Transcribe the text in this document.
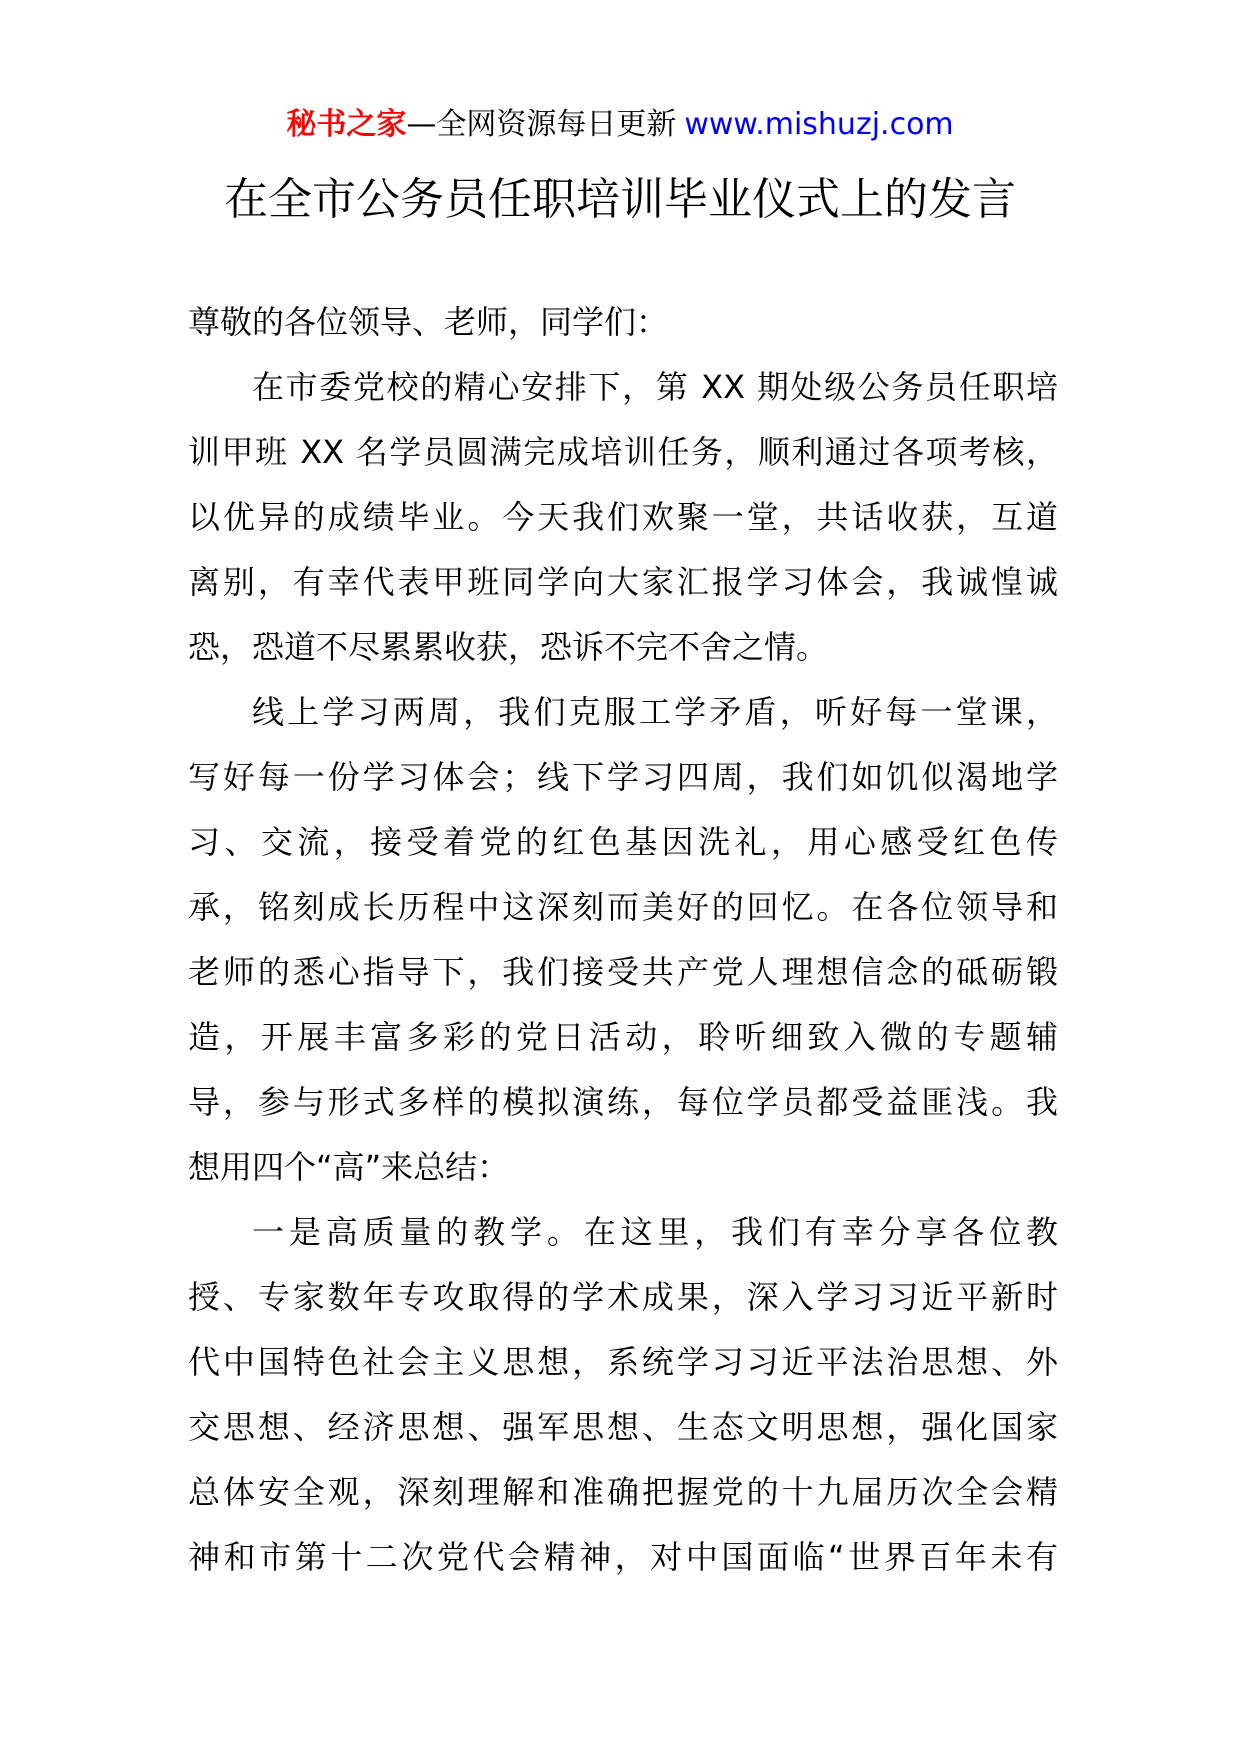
秘书之家—全网资源每日更新 www.mishuzj.com
在全市公务员任职培训毕业仪式上的发言
尊敬的各位领导、老师，同学们：
在市委党校的精心安排下，第 XX 期处级公务员任职培
训甲班 XX 名学员圆满完成培训任务，顺利通过各项考核，
以优异的成绩毕业。今天我们欢聚一堂，共话收获，互道
离别，有幸代表甲班同学向大家汇报学习体会，我诚惶诚
恐，恐道不尽累累收获，恐诉不完不舍之情。
线上学习两周，我们克服工学矛盾，听好每一堂课，
写好每一份学习体会；线下学习四周，我们如饥似渴地学
习、交流，接受着党的红色基因洗礼，用心感受红色传
承，铭刻成长历程中这深刻而美好的回忆。在各位领导和
老师的悉心指导下，我们接受共产党人理想信念的砥砺锻
造，开展丰富多彩的党日活动，聆听细致入微的专题辅
导，参与形式多样的模拟演练，每位学员都受益匪浅。我
想用四个“高”来总结：
一是高质量的教学。在这里，我们有幸分享各位教
授、专家数年专攻取得的学术成果，深入学习习近平新时
代中国特色社会主义思想，系统学习习近平法治思想、外
交思想、经济思想、强军思想、生态文明思想，强化国家
总体安全观，深刻理解和准确把握党的十九届历次全会精
神和市第十二次党代会精神，对中国面临“世界百年未有
